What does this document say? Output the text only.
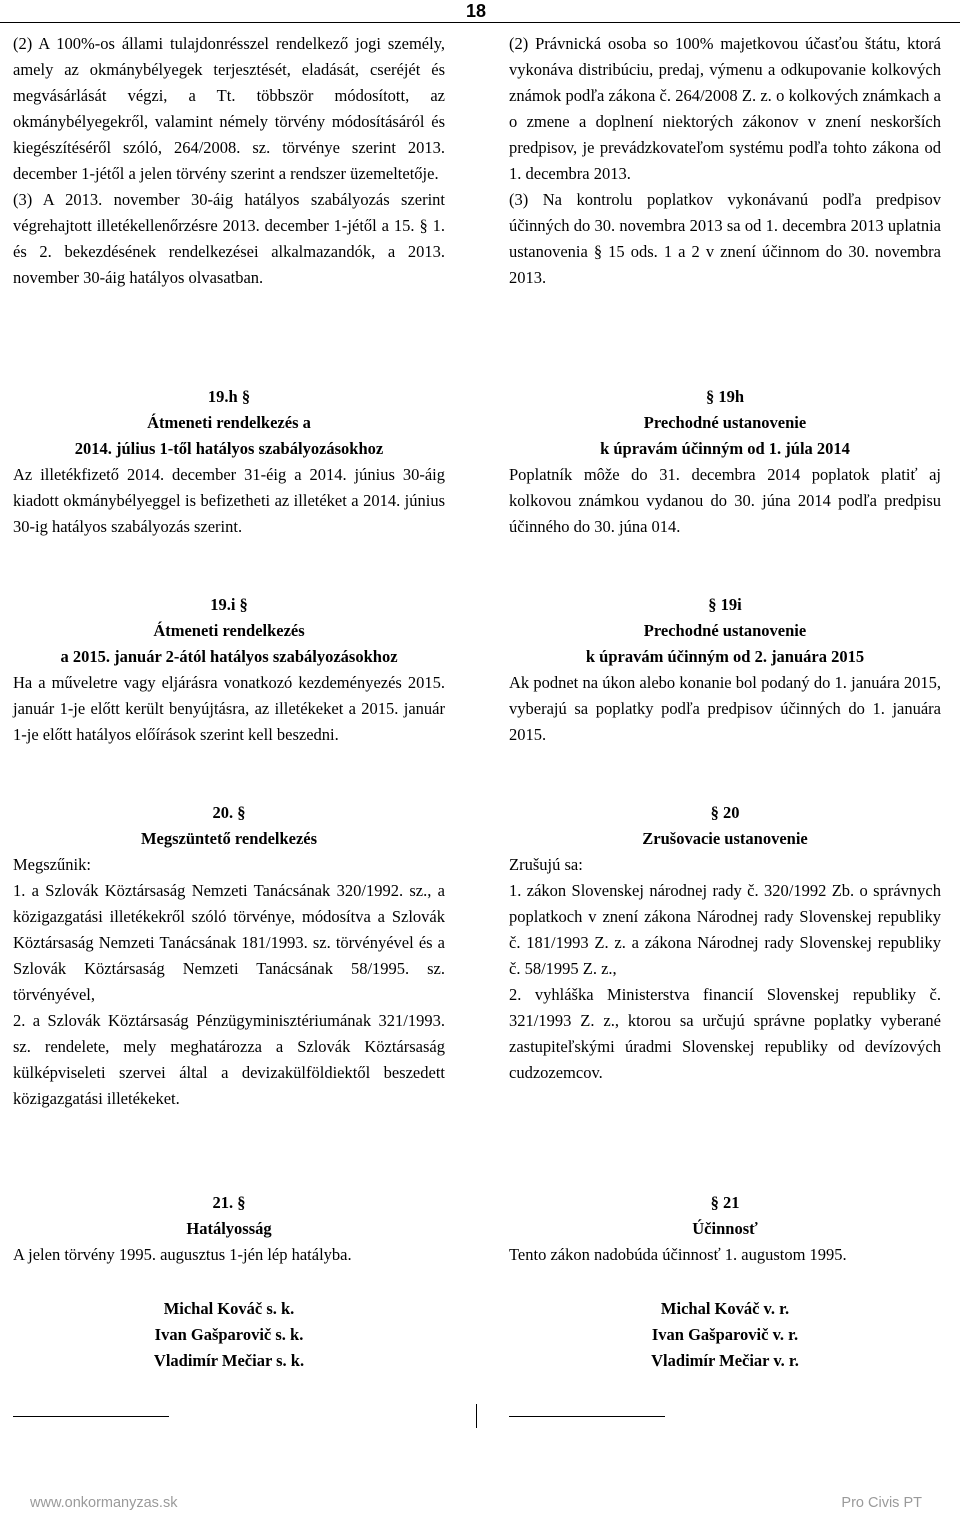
18

(2) A 100%-os állami tulajdonrésszel rendelkező jogi személy, amely az okmánybélyegek terjesztését, eladását, cseréjét és megvásárlását végzi, a Tt. többször módosított, az okmánybélyegekről, valamint némely törvény módosításáról és kiegészítéséről szóló, 264/2008. sz. törvénye szerint 2013. december 1-jétől a jelen törvény szerint a rendszer üzemeltetője.

(3) A 2013. november 30-áig hatályos szabályozás szerint végrehajtott illetékellenőrzésre 2013. december 1-jétől a 15. § 1. és 2. bekezdésének rendelkezései alkalmazandók, a 2013. november 30-áig hatályos olvasatban.

19.h §

Átmeneti rendelkezés a

2014. július 1-től hatályos szabályozásokhoz

Az illetékfizető 2014. december 31-éig a 2014. június 30-áig kiadott okmánybélyeggel is befizetheti az illetéket a 2014. június 30-ig hatályos szabályozás szerint.

19.i §

Átmeneti rendelkezés

a 2015. január 2-ától hatályos szabályozásokhoz

Ha a műveletre vagy eljárásra vonatkozó kezdeményezés 2015. január 1-je előtt került benyújtásra, az illetékeket a 2015. január 1-je előtt hatályos előírások szerint kell beszedni.

20. §

Megszüntető rendelkezés

Megszűnik:

1. a Szlovák Köztársaság Nemzeti Tanácsának 320/1992. sz., a közigazgatási illetékekről szóló törvénye, módosítva a Szlovák Köztársaság Nemzeti Tanácsának 181/1993. sz. törvényével és a Szlovák Köztársaság Nemzeti Tanácsának 58/1995. sz. törvényével,

2. a Szlovák Köztársaság Pénzügyminisztériumának 321/1993. sz. rendelete, mely meghatározza a Szlovák Köztársaság külképviseleti szervei által a devizakülföldiektől beszedett közigazgatási illetékeket.

21. §

Hatályosság

A jelen törvény 1995. augusztus 1-jén lép hatályba.

Michal Kováč s. k.

Ivan Gašparovič s. k.

Vladimír Mečiar s. k.

(2) Právnická osoba so 100% majetkovou účasťou štátu, ktorá vykonáva distribúciu, predaj, výmenu a odkupovanie kolkových známok podľa zákona č. 264/2008 Z. z. o kolkových známkach a o zmene a doplnení niektorých zákonov v znení neskorších predpisov, je prevádzkovateľom systému podľa tohto zákona od 1. decembra 2013.

(3) Na kontrolu poplatkov vykonávanú podľa predpisov účinných do 30. novembra 2013 sa od 1. decembra 2013 uplatnia ustanovenia § 15 ods. 1 a 2 v znení účinnom do 30. novembra 2013.

§ 19h

Prechodné ustanovenie

k úpravám účinným od 1. júla 2014

Poplatník môže do 31. decembra 2014 poplatok platiť aj kolkovou známkou vydanou do 30. júna 2014 podľa predpisu účinného do 30. júna 014.

§ 19i

Prechodné ustanovenie

k úpravám účinným od 2. januára 2015

Ak podnet na úkon alebo konanie bol podaný do 1. januára 2015, vyberajú sa poplatky podľa predpisov účinných do 1. januára 2015.

§ 20

Zrušovacie ustanovenie

Zrušujú sa:

1. zákon Slovenskej národnej rady č. 320/1992 Zb. o správnych poplatkoch v znení zákona Národnej rady Slovenskej republiky č. 181/1993 Z. z. a zákona Národnej rady Slovenskej republiky č. 58/1995 Z. z.,

2. vyhláška Ministerstva financií Slovenskej republiky č. 321/1993 Z. z., ktorou sa určujú správne poplatky vyberané zastupiteľskými úradmi Slovenskej republiky od devízových cudzozemcov.

§ 21

Účinnosť

Tento zákon nadobúda účinnosť 1. augustom 1995.

Michal Kováč v. r.

Ivan Gašparovič v. r.

Vladimír Mečiar v. r.

www.onkormanyzas.sk	Pro Civis PT
